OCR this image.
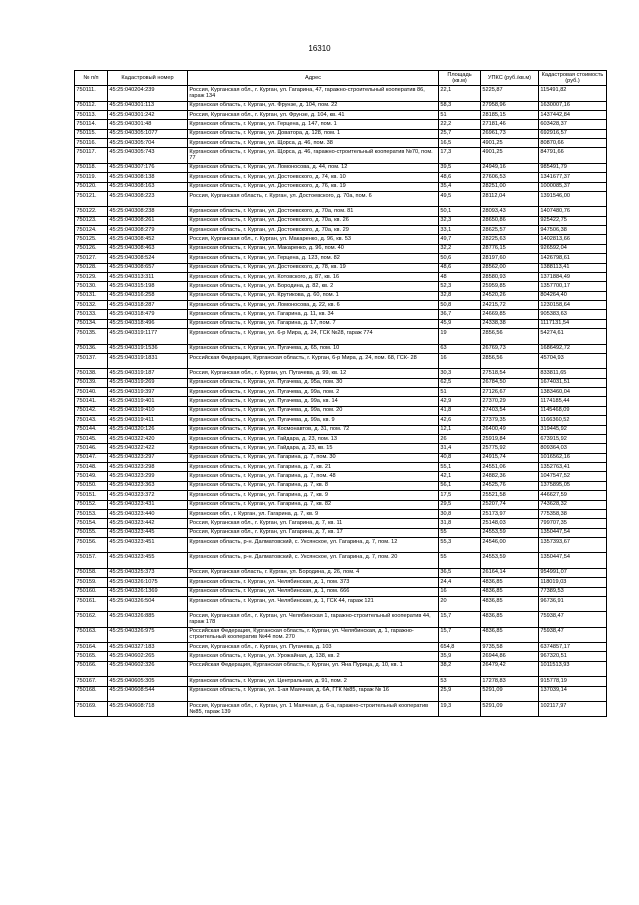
16310
№ п/п	Кадастровый номер	Адрес	Площадь (кв.м)	УПКС (руб./кв.м)	Кадастровая стоимость (руб.)
750111.	45:25:040204:239	Россия, Курганская обл., г. Курган, ул. Гагарина, 47, гаражно-строительный кооператив 86, гараж 134	22,1	5225,87	115491,82
750112.	45:25:040301:113	Курганская область, г. Курган, ул. Фрунзе, д. 104, пом. 22	58,3	27958,96	1630007,16
750113.	45:25:040301:242	Россия, Курганская обл., г. Курган, ул. Фрунзе, д. 104, кв. 41	51	28185,15	1437442,84
750114.	45:25:040301:48	Курганская область, г. Курган, ул. Герцена, д. 147, пом. 1	22,2	27181,46	603428,37
750115.	45:25:040305:1077	Курганская область, г. Курган, ул. Доватора, д. 128, пом. 1	25,7	26961,73	692916,57
750116.	45:25:040305:704	Курганская область, г. Курган, ул. Щорса, д. 46, пом. 38	16,5	4901,25	80870,66
750117.	45:25:040305:743	Курганская область, г. Курган, ул. Щорса, д. 46, гаражно-строительный кооператив №70, пом. 77	17,3	4901,25	84791,66
750118.	45:25:040307:176	Курганская область, г. Курган, ул. Ломоносова, д. 44, пом. 12	39,5	24949,16	985491,79
750119.	45:25:040308:138	Курганская область, г. Курган, ул. Достоевского, д. 74, кв. 10	48,6	27606,53	1341677,37
750120.	45:25:040308:163	Курганская область, г. Курган, ул. Достоевского, д. 76, кв. 19	35,4	28251,00	1000085,37
750121.	45:25:040308:223	Россия, Курганская область, г. Курган, ул. Достоевского, д. 70а, пом. 6	49,5	28112,04	1391546,00
750122.	45:25:040308:238	Курганская область, г. Курган, ул. Достоевского, д. 70а, пом. 81	50,1	28093,43	1407480,76
750123.	45:25:040308:261	Курганская область, г. Курган, ул. Достоевского, д. 70а, кв. 26	32,3	28650,86	925422,75
750124.	45:25:040308:279	Курганская область, г. Курган, ул. Достоевского, д. 70а, кв. 29	33,1	28625,57	947506,38
750125.	45:25:040308:452	Россия, Курганская обл., г. Курган, ул. Макаренко, д. 96, кв. 53	49,7	28225,63	1402813,66
750126.	45:25:040308:463	Курганская область, г. Курган, ул. Макаренко, д. 96, пом. 40	32,2	28776,15	926592,04
750127.	45:25:040308:524	Курганская область, г. Курган, ул. Герцена, д. 123, пом. 82	50,6	28197,60	1426798,61
750128.	45:25:040308:657	Курганская область, г. Курган, ул. Достоевского, д. 78, кв. 19	48,6	28562,00	1388113,41
750129.	45:25:040313:311	Курганская область, г. Курган, ул. Котовского, д. 87, кв. 16	48	28580,93	1371884,49
750130.	45:25:040315:198	Курганская область, г. Курган, ул. Бородина, д. 82, кв. 2	52,3	25959,85	1357700,17
750131.	45:25:040316:258	Курганская область, г. Курган, ул. Крутикова, д. 60, пом. 1	32,8	24520,26	804264,40
750132.	45:25:040318:287	Курганская область, г. Курган, ул. Ломоносова, д. 22, кв. 6	50,8	24215,72	1230158,64
750133.	45:25:040318:479	Курганская область, г. Курган, ул. Гагарина, д. 11, кв. 34	36,7	24669,85	905383,63
750134.	45:25:040318:496	Курганская область, г. Курган, ул. Гагарина, д. 17, пом. 7	45,9	24338,38	1117131,54
750135.	45:25:040319:1177	Курганская область, г. Курган, ул. 6-р Мира, д. 24, ГСК №28, гараж 774	19	2856,56	54274,61
750136.	45:25:040319:1536	Курганская область, г. Курган, ул. Пугачева, д. 65, пом. 10	63	26769,73	1686492,72
750137.	45:25:040319:1831	Российская Федерация, Курганская область, г. Курган, 6-р Мира, д. 24, пом. 68, ГСК- 28	16	2856,56	45704,93
750138.	45:25:040319:187	Россия, Курганская обл., г. Курган, ул. Пугачева, д. 99, кв. 12	30,3	27518,54	833811,65
750139.	45:25:040319:269	Курганская область, г. Курган, ул. Пугачева, д. 95а, пом. 30	62,5	26784,50	1674031,51
750140.	45:25:040319:397	Курганская область, г. Курган, ул. Пугачева, д. 99а, пом. 2	51	27126,67	1383460,04
750141.	45:25:040319:401	Курганская область, г. Курган, ул. Пугачева, д. 99а, кв. 14	42,9	27370,29	1174185,44
750142.	45:25:040319:410	Курганская область, г. Курган, ул. Пугачева, д. 99а, пом. 20	41,8	27403,54	1145468,09
750143.	45:25:040319:411	Курганская область, г. Курган, ул. Пугачева, д. 99а, кв. 9	42,6	27379,35	1166360,52
750144.	45:25:040320:126	Курганская область, г. Курган, ул. Космонавтов, д. 31, пом. 72	12,1	26400,49	319445,92
750145.	45:25:040322:420	Курганская область, г. Курган, ул. Гайдара, д. 23, пом. 13	26	25919,84	673915,92
750146.	45:25:040322:422	Курганская область, г. Курган, ул. Гайдара, д. 23, кв. 15	31,4	25775,92	809364,03
750147.	45:25:040323:297	Курганская область, г. Курган, ул. Гагарина, д. 7, пом. 30	40,8	24915,74	1016562,16
750148.	45:25:040323:298	Курганская область, г. Курган, ул. Гагарина, д. 7, кв. 21	55,1	24551,06	1352763,41
750149.	45:25:040323:299	Курганская область, г. Курган, ул. Гагарина, д. 7, пом. 48	42,1	24882,36	1047547,52
750150.	45:25:040323:363	Курганская область, г. Курган, ул. Гагарина, д. 7, кв. 8	56,1	24525,76	1375895,05
750151.	45:25:040323:372	Курганская область, г. Курган, ул. Гагарина, д. 7, кв. 9	17,5	25521,58	446627,59
750152.	45:25:040323:431	Курганская область, г. Курган, ул. Гагарина, д. 7, кв. 82	29,5	25207,74	743628,32
750153.	45:25:040323:440	Курганская обл., г. Курган, ул. Гагарина, д. 7, кв. 9	30,8	25173,97	775358,38
750154.	45:25:040323:442	Россия, Курганская обл., г. Курган, ул. Гагарина, д. 7, кв. 11	31,8	25148,03	799707,35
750155.	45:25:040323:445	Россия, Курганская обл., г. Курган, ул. Гагарина, д. 7, кв. 17	55	24553,59	1350447,54
750156.	45:25:040323:451	Курганская область, р-н. Далматовский, с. Уксянское, ул. Гагарина, д. 7, пом. 12	55,3	24546,00	1357393,67
750157.	45:25:040323:455	Курганская область, р-н. Далматовский, с. Уксянское, ул. Гагарина, д. 7, пом. 20	55	24553,59	1350447,54
750158.	45:25:040325:373	Россия, Курганская область, г. Курган, ул. Бородина, д. 26, пом. 4	36,5	26164,14	954991,07
750159.	45:25:040326:1075	Курганская область, г. Курган, ул. Челябинская, д. 1, пом. 373	24,4	4836,85	118019,03
750160.	45:25:040326:1369	Курганская область, г. Курган, ул. Челябинская, д. 1, пом. 666	16	4836,85	77389,53
750161.	45:25:040326:504	Курганская область, г. Курган, ул. Челябинская, д. 1, ГСК 44, гараж 121	20	4836,85	96736,91
750162.	45:25:040326:885	Россия, Курганская обл., г. Курган, ул. Челябинская 1, гаражно-строительный кооператив 44, гараж 178	15,7	4836,85	75938,47
750163.	45:25:040326:975	Российская Федерация, Курганская область, г. Курган, ул. Челябинская, д. 1, гаражно-строительный кооператив №44 пом. 270	15,7	4836,85	75938,47
750164.	45:25:040327:183	Россия, Курганская обл., г. Курган, ул. Пугачева, д. 103	654,8	9735,58	6374857,17
750165.	45:25:040602:265	Курганская область, г. Курган, ул. Урожайная, д. 138, кв. 2	35,9	26944,86	967320,51
750166.	45:25:040602:326	Российская Федерация, Курганская область, г. Курган, ул. Яна Пурица, д. 10, кв. 1	38,2	26479,42	1011513,93
750167.	45:25:040605:305	Курганская область, г. Курган, ул. Центральная, д. 91, пом. 2	53	17278,83	915778,19
750168.	45:25:040608:544	Курганская область, г. Курган, ул. 1-ая Маячная, д. 6А, ГГК №85, гараж № 16	25,9	5291,09	137039,14
750169.	45:25:040608:718	Россия, Курганская обл., г. Курган, ул. 1 Маячная, д. 6-а, гаражно-строительный кооператив №85, гараж 139	19,3	5291,09	102117,97
